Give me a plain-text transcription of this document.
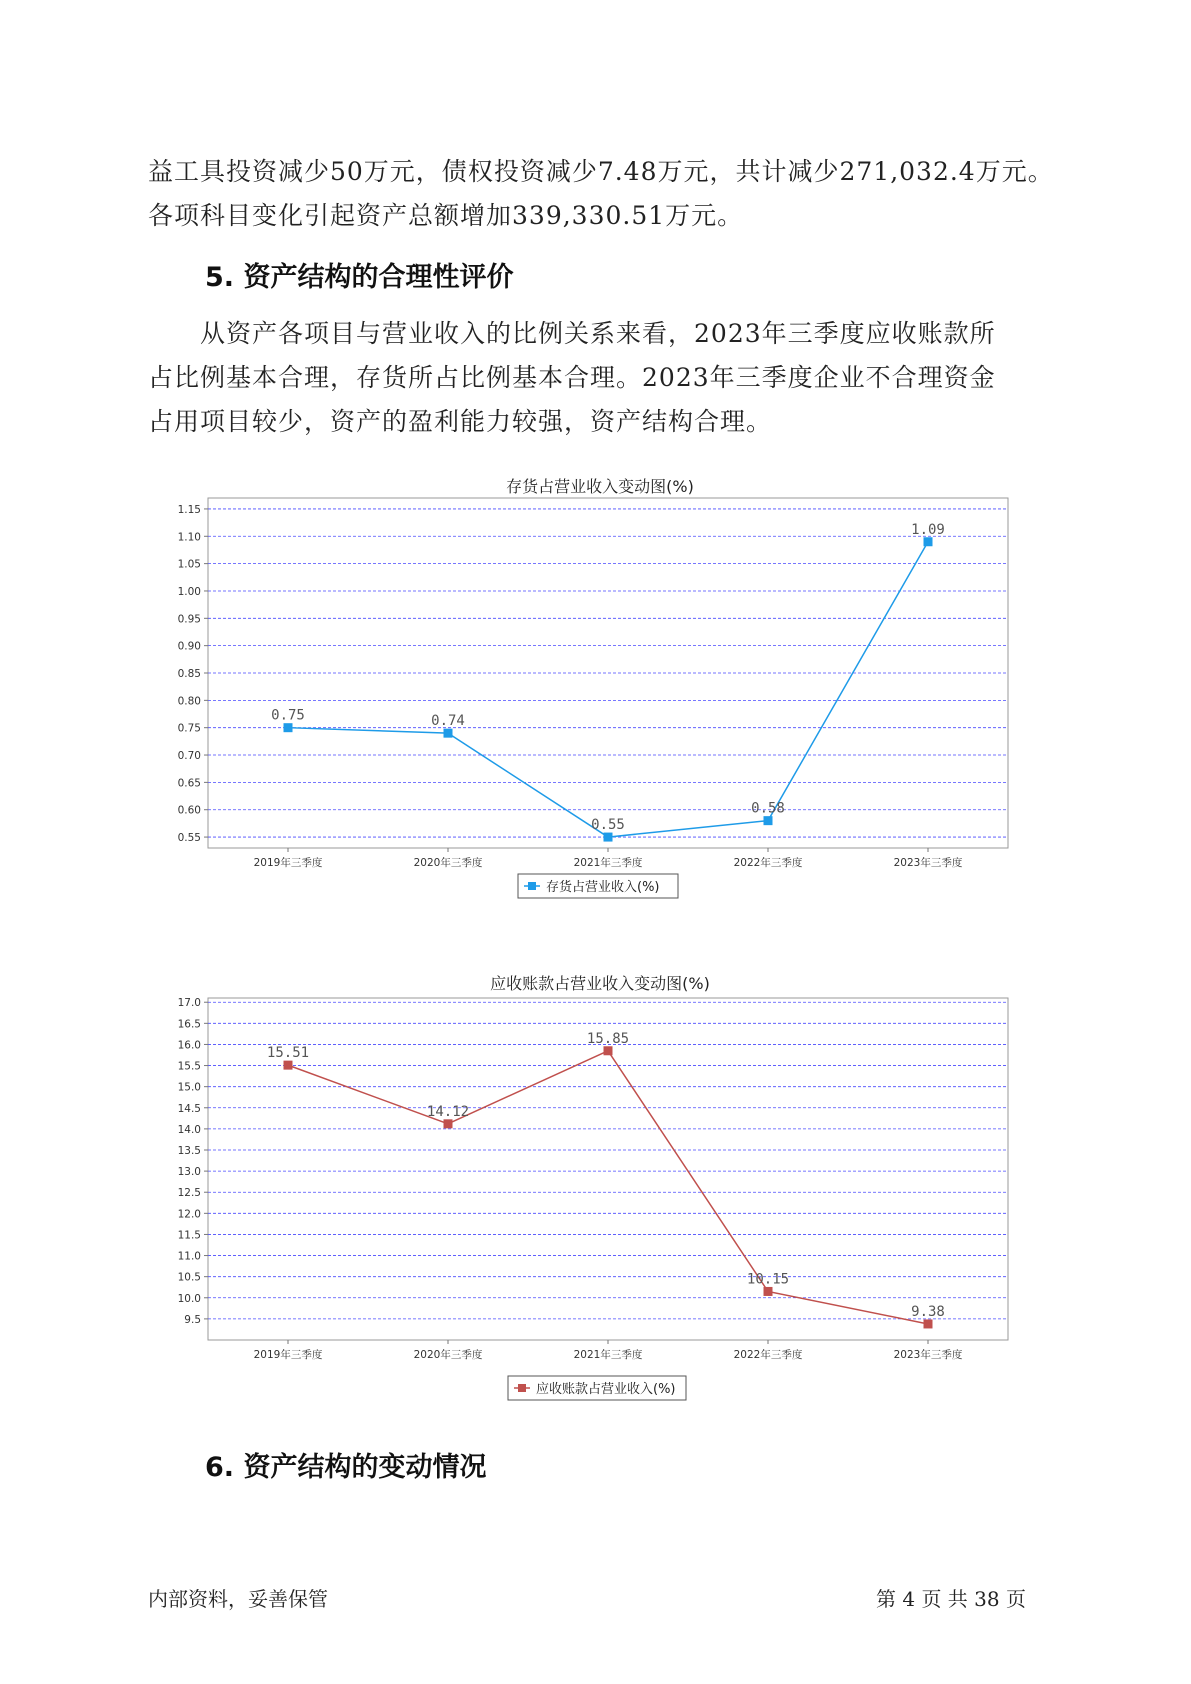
益工具投资减少50万元，债权投资减少7.48万元，共计减少271,032.4万元。
各项科目变化引起资产总额增加339,330.51万元。
5. 资产结构的合理性评价
从资产各项目与营业收入的比例关系来看，2023年三季度应收账款所
占比例基本合理，存货所占比例基本合理。2023年三季度企业不合理资金
占用项目较少，资产的盈利能力较强，资产结构合理。
存货占营业收入变动图(%)
0.55
0.60
0.65
0.70
0.75
0.80
0.85
0.90
0.95
1.00
1.05
1.10
1.15
2019年三季度	2020年三季度	2021年三季度	2022年三季度	2023年三季度
0.75	0.74
0.55
0.58
1.09
存货占营业收入(%)
应收账款占营业收入变动图(%)
9.5
10.0
10.5
11.0
11.5
12.0
12.5
13.0
13.5
14.0
14.5
15.0
15.5
16.0
16.5
17.0
2019年三季度	2020年三季度	2021年三季度	2022年三季度	2023年三季度
15.51
14.12
15.85
10.15
9.38
应收账款占营业收入(%)
6. 资产结构的变动情况
内部资料，妥善保管	第 4 页 共 38 页
